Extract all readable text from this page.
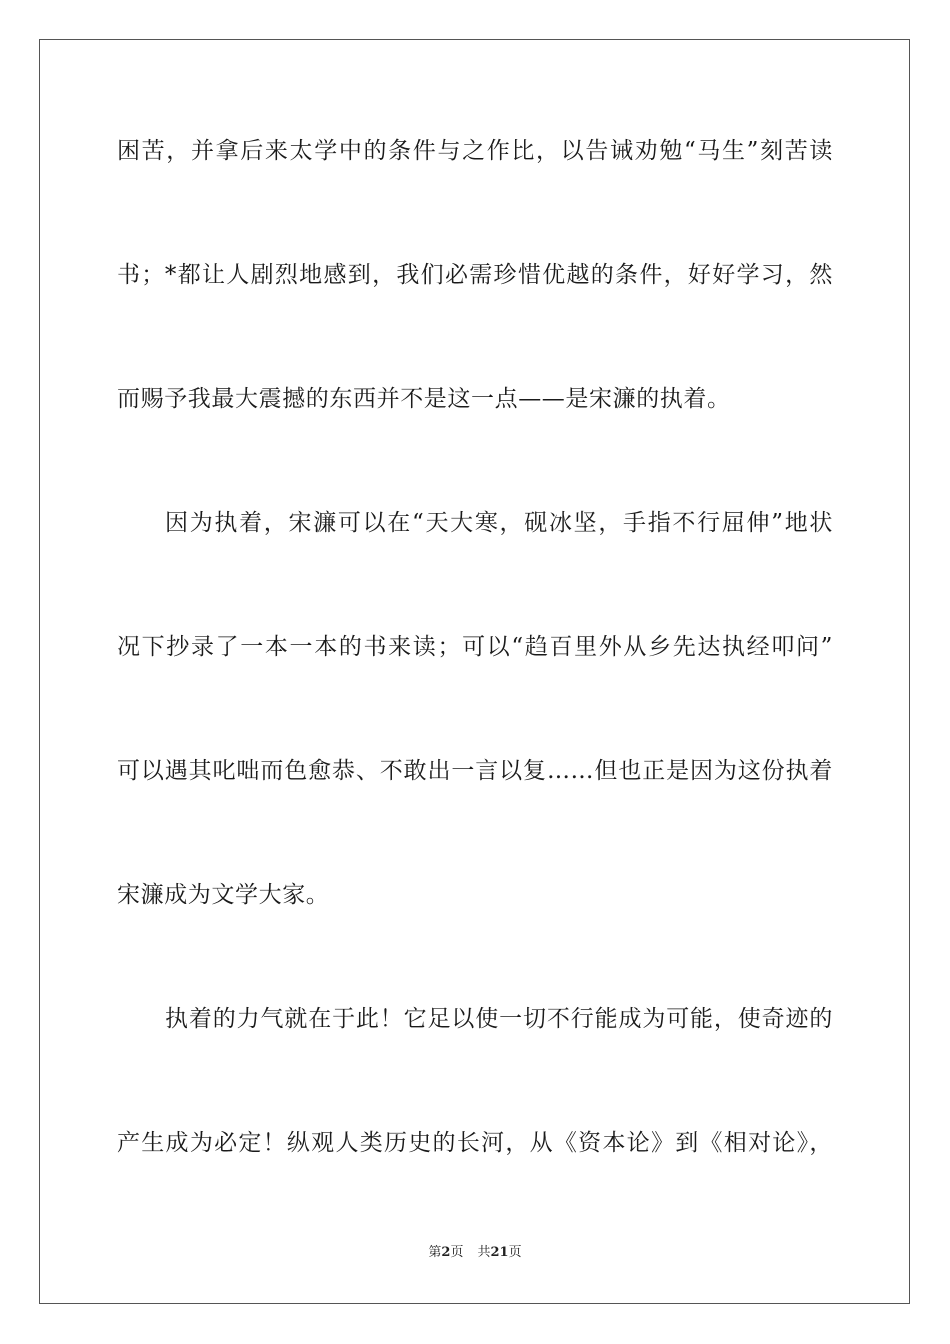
困苦，并拿后来太学中的条件与之作比，以告诫劝勉“马生”刻苦读
书；*都让人剧烈地感到，我们必需珍惜优越的条件，好好学习，然
而赐予我最大震撼的东西并不是这一点——是宋濂的执着。
因为执着，宋濂可以在“天大寒，砚冰坚，手指不行屈伸”地状
况下抄录了一本一本的书来读；可以“趋百里外从乡先达执经叩问”
可以遇其叱咄而色愈恭、不敢出一言以复……但也正是因为这份执着
宋濂成为文学大家。
执着的力气就在于此！它足以使一切不行能成为可能，使奇迹的
产生成为必定！纵观人类历史的长河，从《资本论》到《相对论》，
第2页 共21页
